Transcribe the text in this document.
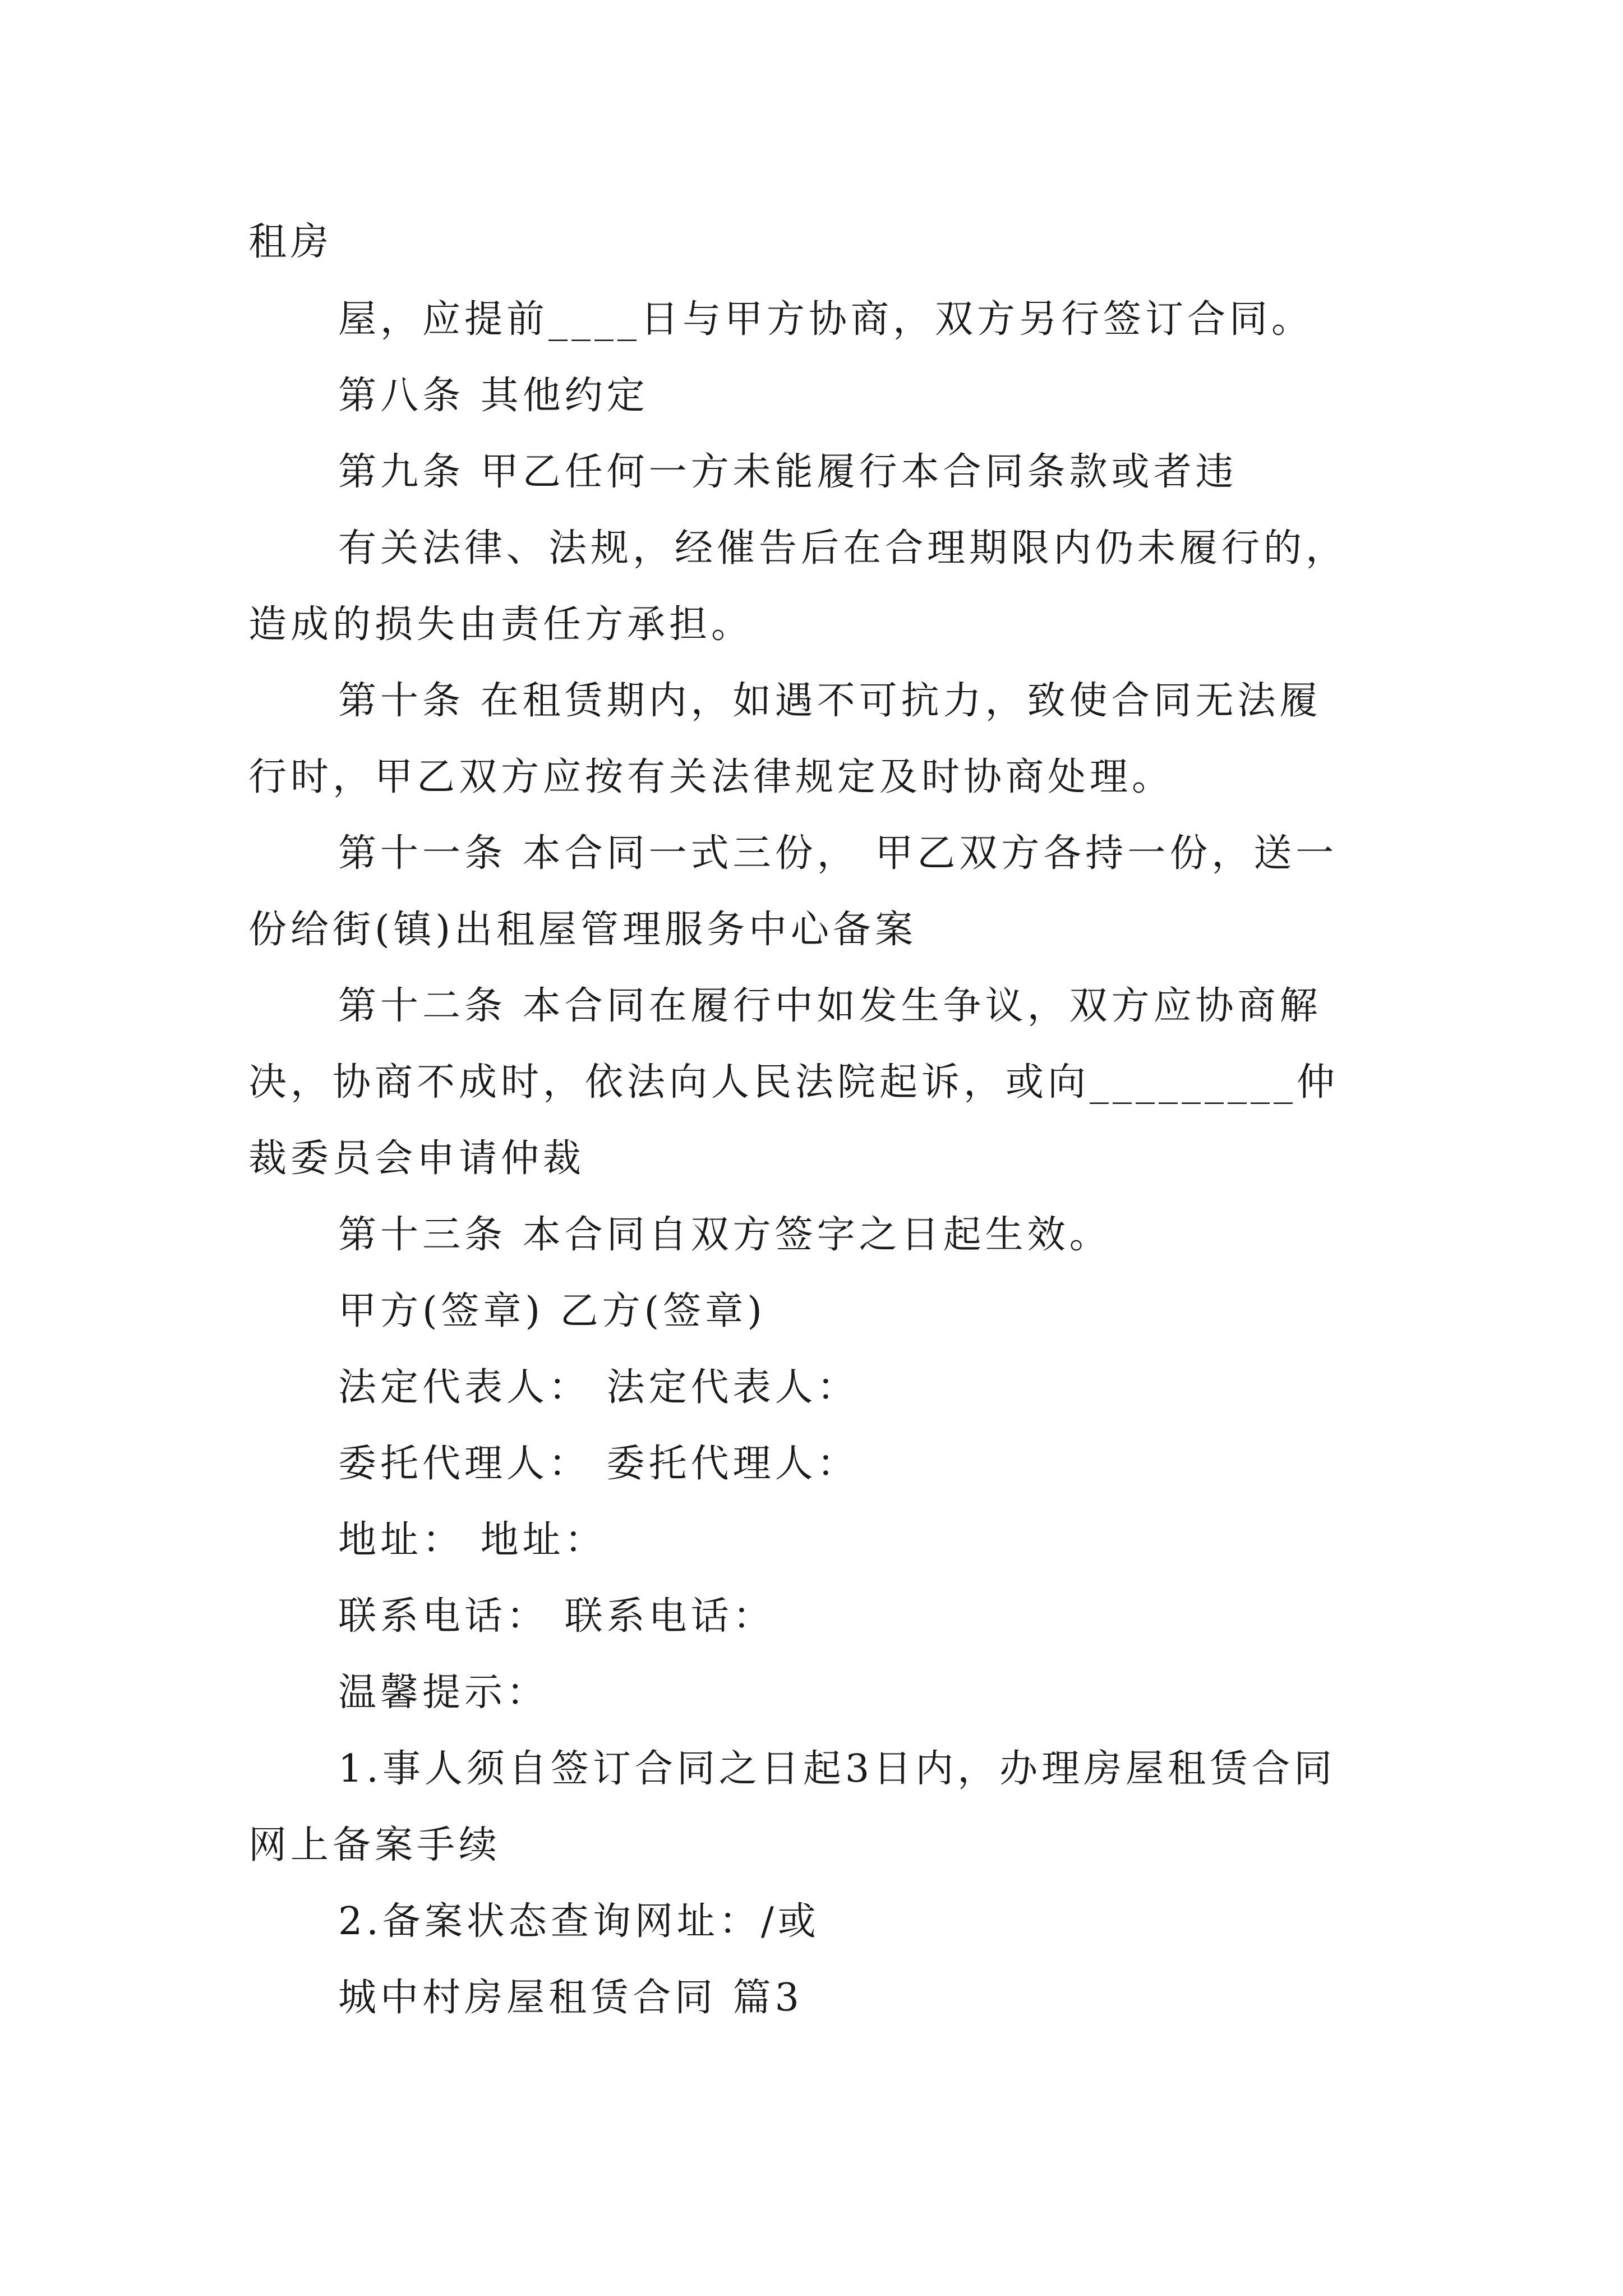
租房
屋，应提前____日与甲方协商，双方另行签订合同。
第八条 其他约定
第九条 甲乙任何一方未能履行本合同条款或者违
有关法律、法规，经催告后在合理期限内仍未履行的，
造成的损失由责任方承担。
第十条 在租赁期内，如遇不可抗力，致使合同无法履
行时，甲乙双方应按有关法律规定及时协商处理。
第十一条 本合同一式三份， 甲乙双方各持一份，送一
份给街(镇)出租屋管理服务中心备案
第十二条 本合同在履行中如发生争议，双方应协商解
决，协商不成时，依法向人民法院起诉，或向_________仲
裁委员会申请仲裁
第十三条 本合同自双方签字之日起生效。
甲方(签章) 乙方(签章)
法定代表人： 法定代表人：
委托代理人： 委托代理人：
地址： 地址：
联系电话： 联系电话：
温馨提示：
1.事人须自签订合同之日起3日内，办理房屋租赁合同
网上备案手续
2.备案状态查询网址：/或
城中村房屋租赁合同 篇3
